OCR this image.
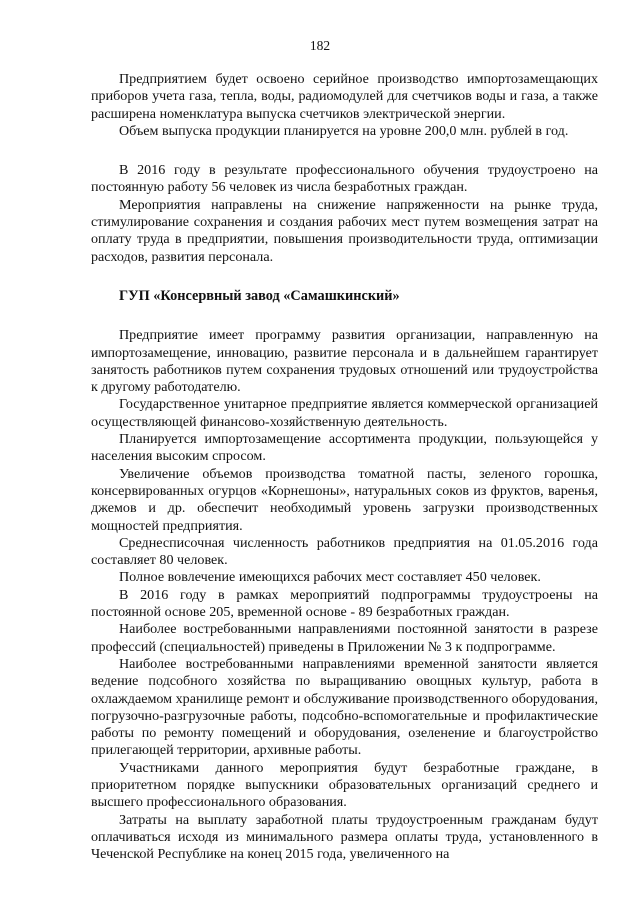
182

Предприятием будет освоено серийное производство импортозамещающих приборов учета газа, тепла, воды, радиомодулей для счетчиков воды и газа, а также расширена номенклатура выпуска счетчиков электрической энергии.

Объем выпуска продукции планируется на уровне 200,0 млн. рублей в год.

В 2016 году в результате профессионального обучения трудоустроено на постоянную работу 56 человек из числа безработных граждан.

Мероприятия направлены на снижение напряженности на рынке труда, стимулирование сохранения и создания рабочих мест путем возмещения затрат на оплату труда в предприятии, повышения производительности труда, оптимизации расходов, развития персонала.

ГУП «Консервный завод «Самашкинский»

Предприятие имеет программу развития организации, направленную на импортозамещение, инновацию, развитие персонала и в дальнейшем гарантирует занятость работников путем сохранения трудовых отношений или трудоустройства к другому работодателю.

Государственное унитарное предприятие является коммерческой организацией осуществляющей финансово-хозяйственную деятельность.

Планируется импортозамещение ассортимента продукции, пользующейся у населения высоким спросом.

Увеличение объемов производства томатной пасты, зеленого горошка, консервированных огурцов «Корнешоны», натуральных соков из фруктов, варенья, джемов и др. обеспечит необходимый уровень загрузки производственных мощностей предприятия.

Среднесписочная численность работников предприятия на 01.05.2016 года составляет 80 человек.

Полное вовлечение имеющихся рабочих мест составляет 450 человек.

В 2016 году в рамках мероприятий подпрограммы трудоустроены на постоянной основе 205, временной основе - 89 безработных граждан.

Наиболее востребованными направлениями постоянной занятости в разрезе профессий (специальностей) приведены в Приложении № 3 к подпрограмме.

Наиболее востребованными направлениями временной занятости является ведение подсобного хозяйства по выращиванию овощных культур, работа в охлаждаемом хранилище ремонт и обслуживание производственного оборудования, погрузочно-разгрузочные работы, подсобно-вспомогательные и профилактические работы по ремонту помещений и оборудования, озеленение и благоустройство прилегающей территории, архивные работы.

Участниками данного мероприятия будут безработные граждане, в приоритетном порядке выпускники образовательных организаций среднего и высшего профессионального образования.

Затраты на выплату заработной платы трудоустроенным гражданам будут оплачиваться исходя из минимального размера оплаты труда, установленного в Чеченской Республике на конец 2015 года, увеличенного на
